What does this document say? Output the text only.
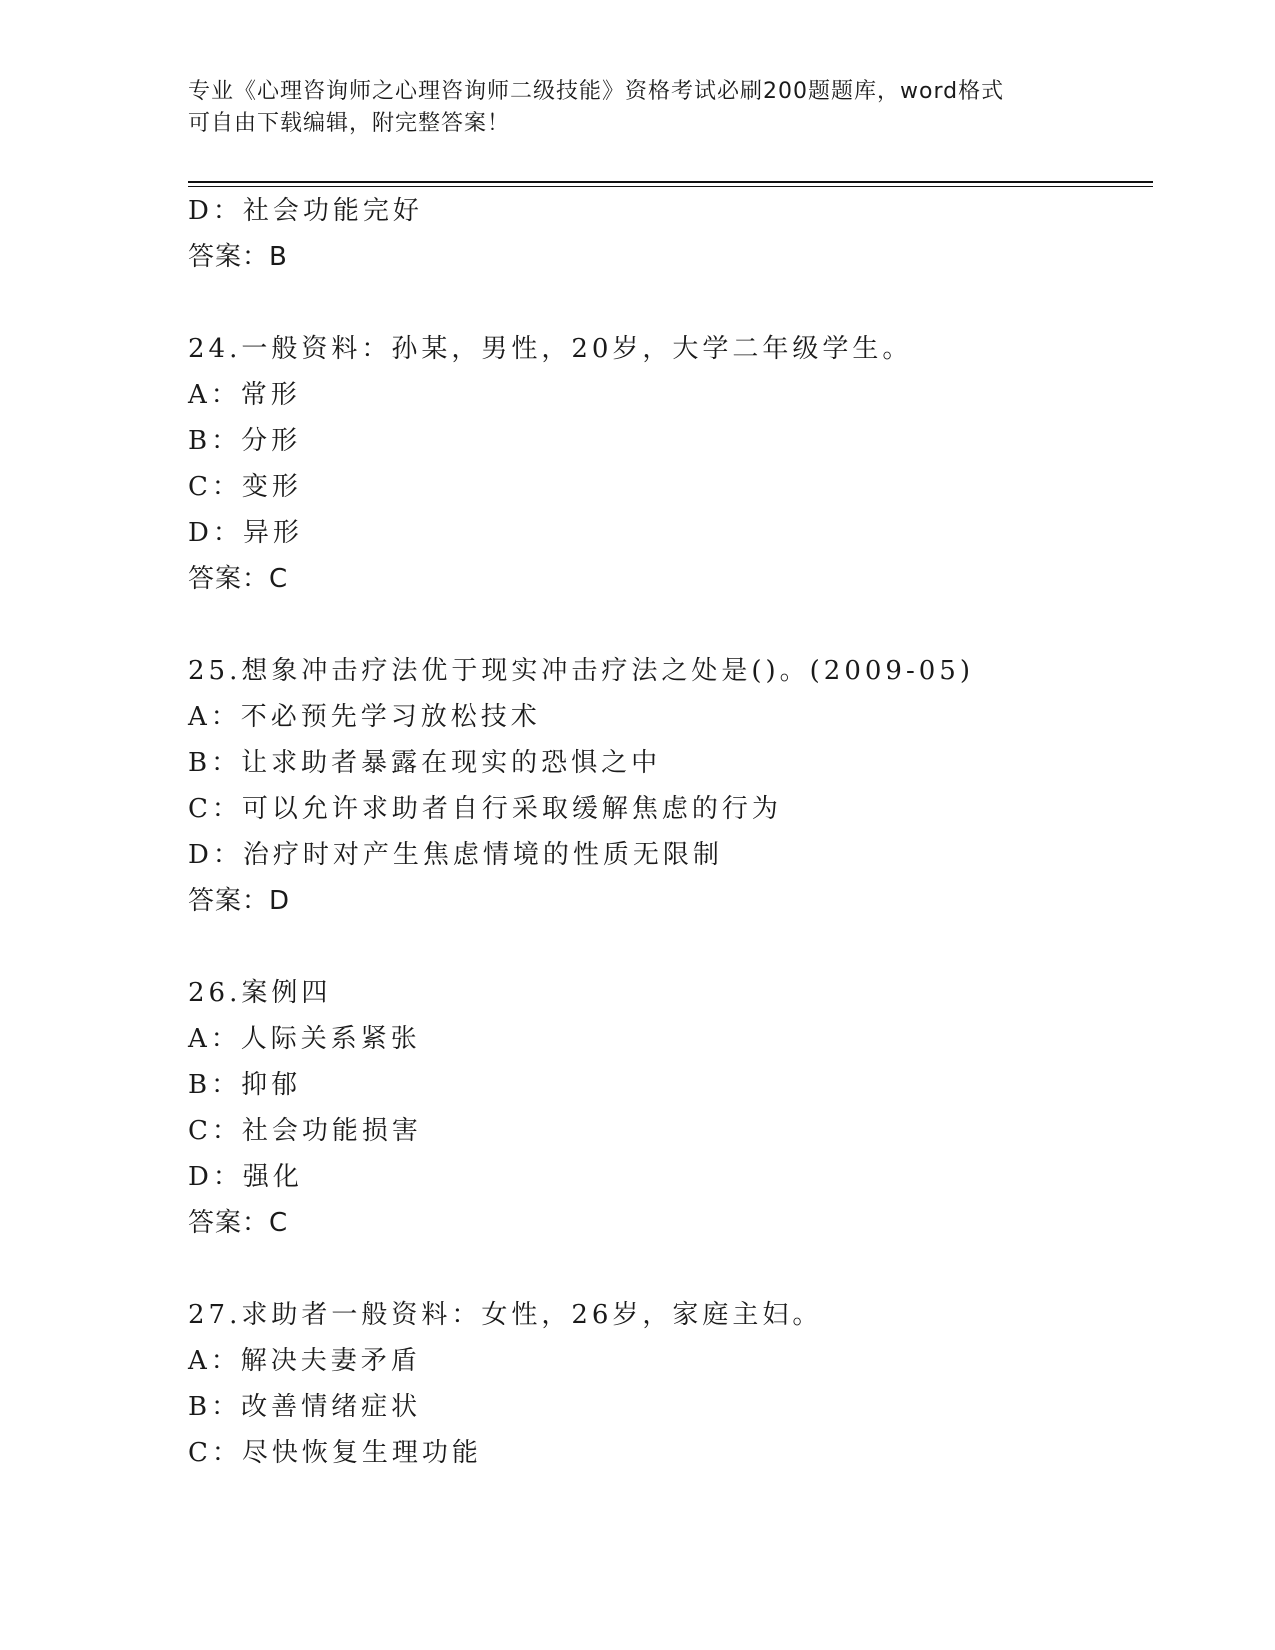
专业《心理咨询师之心理咨询师二级技能》资格考试必刷200题题库，word格式
可自由下载编辑，附完整答案！
D：社会功能完好
答案：B
24.一般资料：孙某，男性，20岁，大学二年级学生。
A：常形
B：分形
C：变形
D：异形
答案：C
25.想象冲击疗法优于现实冲击疗法之处是()。(2009-05)
A：不必预先学习放松技术
B：让求助者暴露在现实的恐惧之中
C：可以允许求助者自行采取缓解焦虑的行为
D：治疗时对产生焦虑情境的性质无限制
答案：D
26.案例四
A：人际关系紧张
B：抑郁
C：社会功能损害
D：强化
答案：C
27.求助者一般资料：女性，26岁，家庭主妇。
A：解决夫妻矛盾
B：改善情绪症状
C：尽快恢复生理功能
